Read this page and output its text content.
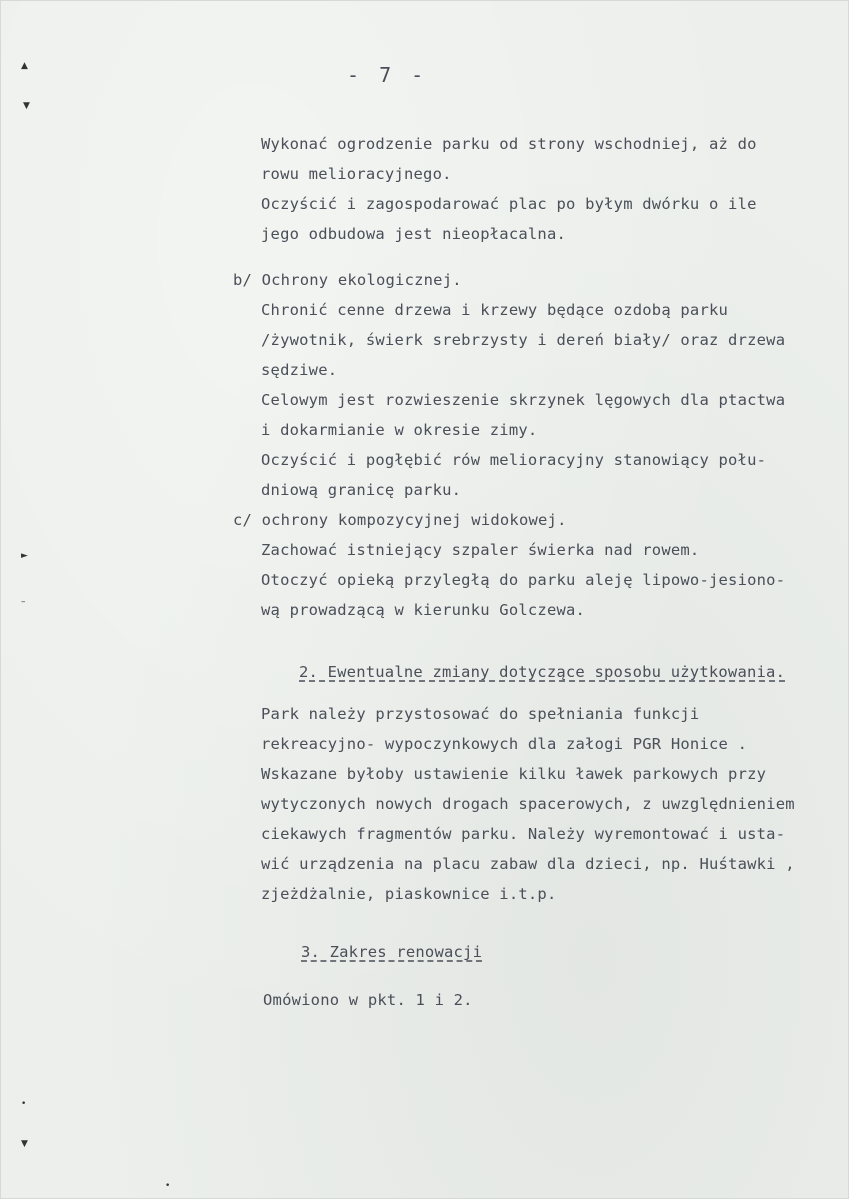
- 7 -
Wykonać ogrodzenie parku od strony wschodniej, aż do
rowu melioracyjnego.
Oczyścić i zagospodarować plac po byłym dwórku o ile
jego odbudowa jest nieopłacalna.
b/ Ochrony ekologicznej.
Chronić cenne drzewa i krzewy będące ozdobą parku
/żywotnik, świerk srebrzysty i dereń biały/ oraz drzewa
sędziwe.
Celowym jest rozwieszenie skrzynek lęgowych dla ptactwa
i dokarmianie w okresie zimy.
Oczyścić i pogłębić rów melioracyjny stanowiący połu-
dniową granicę parku.
c/ ochrony kompozycyjnej widokowej.
Zachować istniejący szpaler świerka nad rowem.
Otoczyć opieką przyległą do parku aleję lipowo-jesiono-
wą prowadzącą w kierunku Golczewa.
2. Ewentualne zmiany dotyczące sposobu użytkowania.
Park należy przystosować do spełniania funkcji
rekreacyjno- wypoczynkowych dla załogi PGR Honice .
Wskazane byłoby ustawienie kilku ławek parkowych przy
wytyczonych nowych drogach spacerowych, z uwzględnieniem
ciekawych fragmentów parku. Należy wyremontować i usta-
wić urządzenia na placu zabaw dla dzieci, np. Huśtawki ,
zjeżdżalnie, piaskownice i.t.p.
3. Zakres renowacji
Omówiono w pkt. 1 i 2.
▲
▼
►
–
•
▼
•
